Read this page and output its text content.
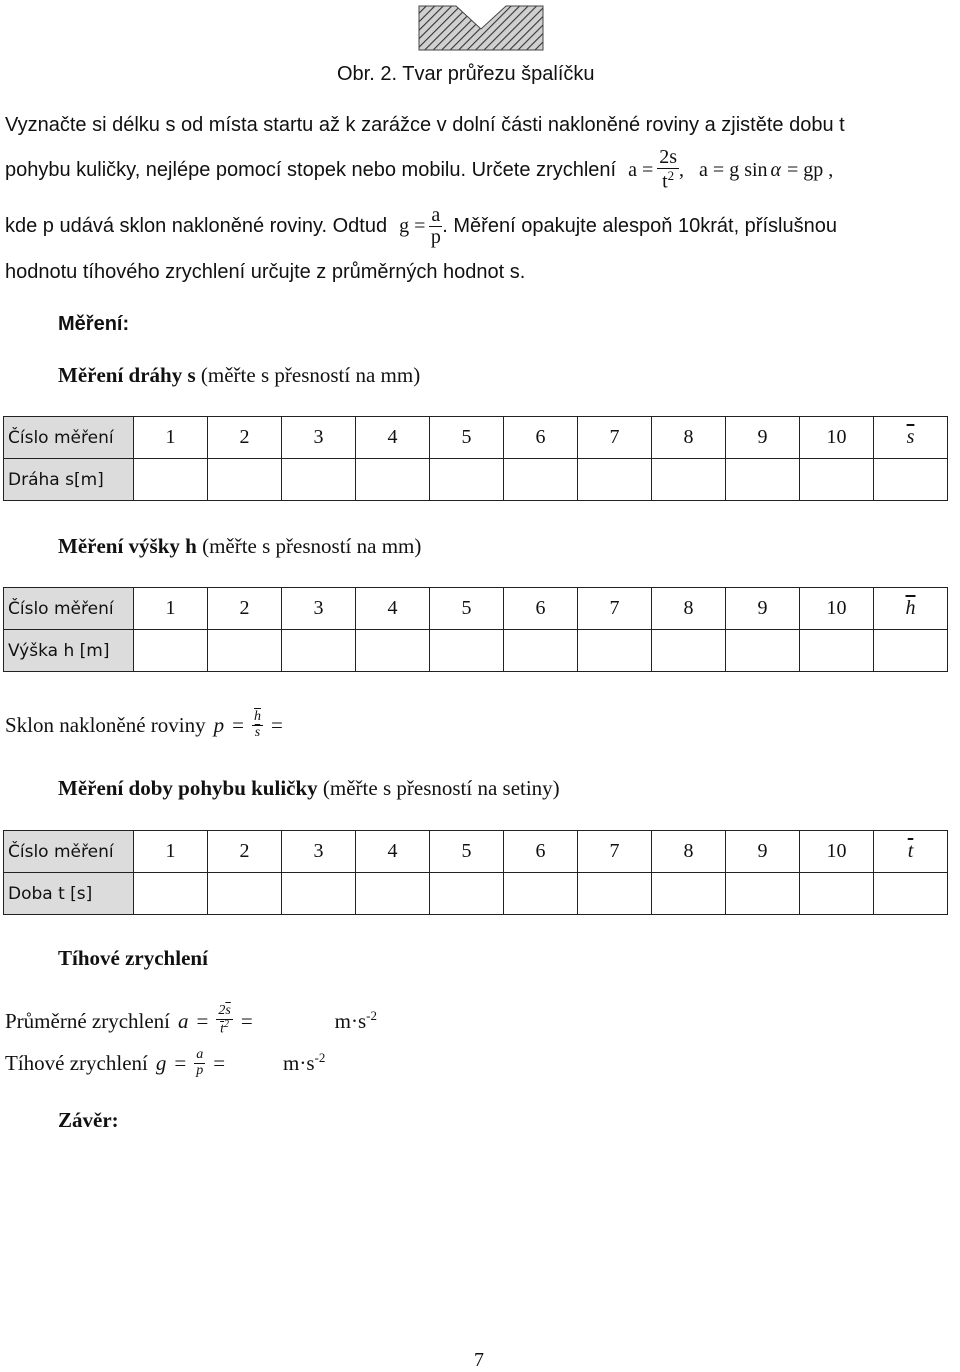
Obr. 2. Tvar průřezu špalíčku
Vyznačte si délku s od místa startu až k zarážce v dolní části nakloněné roviny a zjistěte dobu t
pohybu kuličky, nejlépe pomocí stopek nebo mobilu. Určete zrychlení $a = \frac{2s}{t^2}$ ,   a = g sin α = gp ,
kde p udává sklon nakloněné roviny. Odtud $g = \frac{a}{p}$ . Měření opakujte alespoň 10krát, příslušnou
hodnotu tíhového zrychlení určujte z průměrných hodnot s.
Měření:
Měření dráhy s (měřte s přesností na mm)
Číslo měření	1	2	3	4	5	6	7	8	9	10	$\overline{s}$
Dráha s[m]											
Měření výšky h (měřte s přesností na mm)
Číslo měření	1	2	3	4	5	6	7	8	9	10	$\overline{h}$
Výška h [m]											
Sklon nakloněné roviny $p = \frac{\overline{h}}{s}$ =
Měření doby pohybu kuličky (měřte s přesností na setiny)
Číslo měření	1	2	3	4	5	6	7	8	9	10	$\overline{t}$
Doba t [s]											
Tíhové zrychlení
Průměrné zrychlení $a = \frac{2\overline{s}}{\overline{t}^2}$ =	$m\cdot s^{-2}$
Tíhové zrychlení $g = \frac{a}{p}$ =	$m\cdot s^{-2}$
Závěr:
7
